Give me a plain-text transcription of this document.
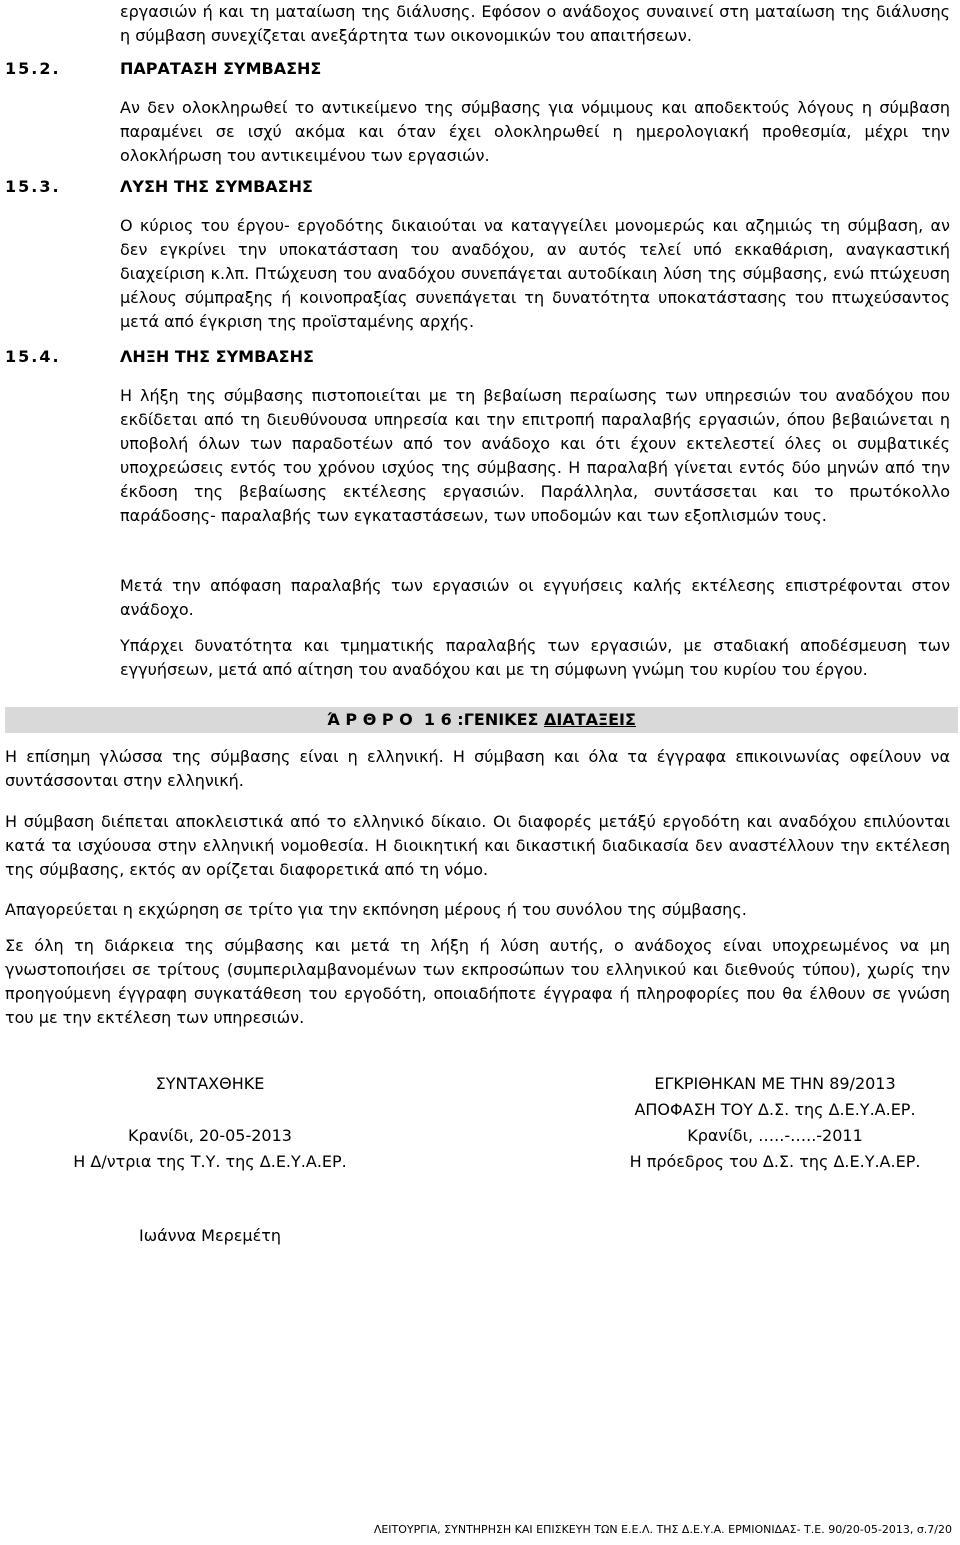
εργασιών ή και τη ματαίωση της διάλυσης. Εφόσον ο ανάδοχος συναινεί στη ματαίωση της διάλυσης η σύμβαση συνεχίζεται ανεξάρτητα των οικονομικών του απαιτήσεων.

15.2.	ΠΑΡΑΤΑΣΗ ΣΥΜΒΑΣΗΣ

Αν δεν ολοκληρωθεί το αντικείμενο της σύμβασης για νόμιμους και αποδεκτούς λόγους η σύμβαση παραμένει σε ισχύ ακόμα και όταν έχει ολοκληρωθεί η ημερολογιακή προθεσμία, μέχρι την ολοκλήρωση του αντικειμένου των εργασιών.

15.3.	ΛΥΣΗ ΤΗΣ ΣΥΜΒΑΣΗΣ

Ο κύριος του έργου- εργοδότης δικαιούται να καταγγείλει μονομερώς και αζημιώς τη σύμβαση, αν δεν εγκρίνει την υποκατάσταση του αναδόχου, αν αυτός τελεί υπό εκκαθάριση, αναγκαστική διαχείριση κ.λπ. Πτώχευση του αναδόχου συνεπάγεται αυτοδίκαιη λύση της σύμβασης, ενώ πτώχευση μέλους σύμπραξης ή κοινοπραξίας συνεπάγεται τη δυνατότητα υποκατάστασης του πτωχεύσαντος μετά από έγκριση της προϊσταμένης αρχής.

15.4.	ΛΗΞΗ ΤΗΣ ΣΥΜΒΑΣΗΣ

Η λήξη της σύμβασης πιστοποιείται με τη βεβαίωση περαίωσης των υπηρεσιών του αναδόχου που εκδίδεται από τη διευθύνουσα υπηρεσία και την επιτροπή παραλαβής εργασιών, όπου βεβαιώνεται η υποβολή όλων των παραδοτέων από τον ανάδοχο και ότι έχουν εκτελεστεί όλες οι συμβατικές υποχρεώσεις εντός του χρόνου ισχύος της σύμβασης. Η παραλαβή γίνεται εντός δύο μηνών από την έκδοση της βεβαίωσης εκτέλεσης εργασιών. Παράλληλα, συντάσσεται και το πρωτόκολλο παράδοσης- παραλαβής των εγκαταστάσεων, των υποδομών και των εξοπλισμών τους.

Μετά την απόφαση παραλαβής των εργασιών οι εγγυήσεις καλής εκτέλεσης επιστρέφονται στον ανάδοχο.

Υπάρχει δυνατότητα και τμηματικής παραλαβής των εργασιών, με σταδιακή αποδέσμευση των εγγυήσεων, μετά από αίτηση του αναδόχου και με τη σύμφωνη γνώμη του κυρίου του έργου.

Ά Ρ Θ Ρ Ο  1 6 :ΓΕΝΙΚΕΣ ΔΙΑΤΑΞΕΙΣ

Η επίσημη γλώσσα της σύμβασης είναι η ελληνική. Η σύμβαση και όλα τα έγγραφα επικοινωνίας οφείλουν να συντάσσονται στην ελληνική.

Η σύμβαση διέπεται αποκλειστικά από το ελληνικό δίκαιο. Οι διαφορές μετάξύ εργοδότη και αναδόχου επιλύονται κατά τα ισχύουσα στην ελληνική νομοθεσία. Η διοικητική και δικαστική διαδικασία δεν αναστέλλουν την εκτέλεση της σύμβασης, εκτός αν ορίζεται διαφορετικά από τη νόμο.

Απαγορεύεται η εκχώρηση σε τρίτο για την εκπόνηση μέρους ή του συνόλου της σύμβασης.

Σε όλη τη διάρκεια της σύμβασης και μετά τη λήξη ή λύση αυτής, ο ανάδοχος είναι υποχρεωμένος να μη γνωστοποιήσει σε τρίτους (συμπεριλαμβανομένων των εκπροσώπων του ελληνικού και διεθνούς τύπου), χωρίς την προηγούμενη έγγραφη συγκατάθεση του εργοδότη, οποιαδήποτε έγγραφα ή πληροφορίες που θα έλθουν σε γνώση του με την εκτέλεση των υπηρεσιών.

ΣΥΝΤΑΧΘΗΚΕ
Κρανίδι, 20-05-2013
Η Δ/ντρια της Τ.Υ. της Δ.Ε.Υ.Α.ΕΡ.
Ιωάννα Μερεμέτη
ΕΓΚΡΙΘΗΚΑΝ ΜΕ ΤΗΝ 89/2013
ΑΠΟΦΑΣΗ ΤΟΥ Δ.Σ. της Δ.Ε.Υ.Α.ΕΡ.
Κρανίδι, …..-…..-2011
Η πρόεδρος του Δ.Σ. της Δ.Ε.Υ.Α.ΕΡ.
ΛΕΙΤΟΥΡΓΙΑ, ΣΥΝΤΗΡΗΣΗ ΚΑΙ ΕΠΙΣΚΕΥΗ ΤΩΝ Ε.Ε.Λ. ΤΗΣ Δ.Ε.Υ.Α. ΕΡΜΙΟΝΙΔΑΣ- Τ.Ε. 90/20-05-2013, σ.7/20
